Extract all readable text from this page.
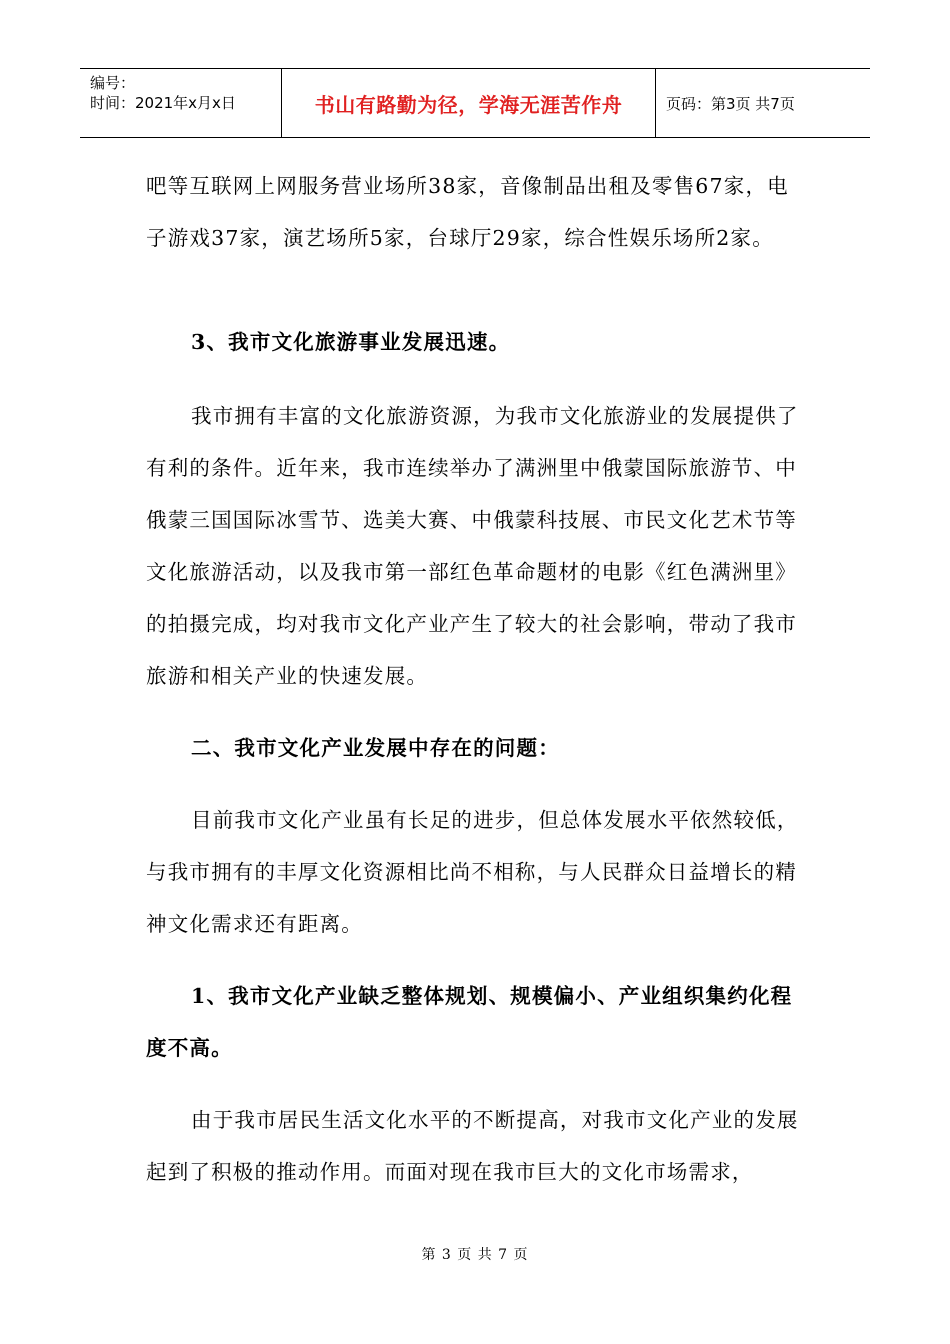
编号：
时间：2021年x月x日	书山有路勤为径，学海无涯苦作舟	页码：第3页 共7页

吧等互联网上网服务营业场所38家，音像制品出租及零售67家，电子游戏37家，演艺场所5家，台球厅29家，综合性娱乐场所2家。

3、我市文化旅游事业发展迅速。

我市拥有丰富的文化旅游资源，为我市文化旅游业的发展提供了有利的条件。近年来，我市连续举办了满洲里中俄蒙国际旅游节、中俄蒙三国国际冰雪节、选美大赛、中俄蒙科技展、市民文化艺术节等文化旅游活动，以及我市第一部红色革命题材的电影《红色满洲里》的拍摄完成，均对我市文化产业产生了较大的社会影响，带动了我市旅游和相关产业的快速发展。

二、我市文化产业发展中存在的问题：

目前我市文化产业虽有长足的进步，但总体发展水平依然较低，与我市拥有的丰厚文化资源相比尚不相称，与人民群众日益增长的精神文化需求还有距离。

1、我市文化产业缺乏整体规划、规模偏小、产业组织集约化程度不高。

由于我市居民生活文化水平的不断提高，对我市文化产业的发展起到了积极的推动作用。而面对现在我市巨大的文化市场需求，

第 3 页 共 7 页
